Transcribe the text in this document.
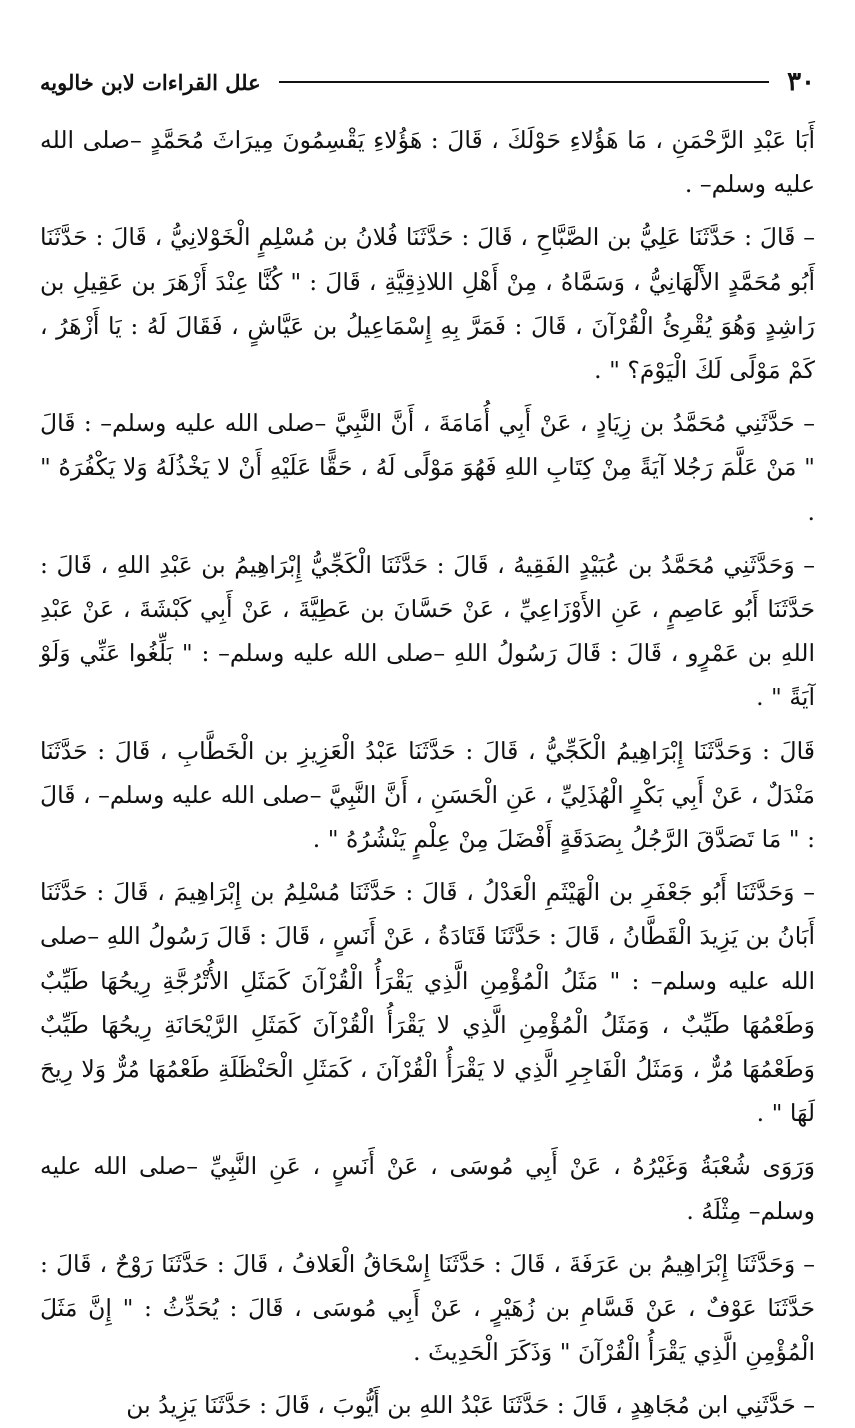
علل القراءات لابن خالويه	٣٠

أَبَا عَبْدِ الرَّحْمَنِ ، مَا هَؤُلاءِ حَوْلَكَ ، قَالَ : هَؤُلاءِ يَقْسِمُونَ مِيرَاثَ مُحَمَّدٍ –صلى الله عليه وسلم– .

– قَالَ : حَدَّثَنَا عَلِيُّ بن الصَّبَّاحِ ، قَالَ : حَدَّثَنَا فُلانُ بن مُسْلِمٍ الْخَوْلانِيُّ ، قَالَ : حَدَّثَنَا أَبُو مُحَمَّدٍ الأَلْهَانِيُّ ، وَسَمَّاهُ ، مِنْ أَهْلِ اللاذِقِيَّةِ ، قَالَ : " كُنَّا عِنْدَ أَزْهَرَ بن عَقِيلِ بن رَاشِدٍ وَهُوَ يُقْرِئُ الْقُرْآنَ ، قَالَ : فَمَرَّ بِهِ إِسْمَاعِيلُ بن عَيَّاشٍ ، فَقَالَ لَهُ : يَا أَزْهَرُ ، كَمْ مَوْلًى لَكَ الْيَوْمَ؟ " .

– حَدَّثَنِي مُحَمَّدُ بن زِيَادٍ ، عَنْ أَبِي أُمَامَةَ ، أَنَّ النَّبِيَّ –صلى الله عليه وسلم– : قَالَ " مَنْ عَلَّمَ رَجُلا آيَةً مِنْ كِتَابِ اللهِ فَهُوَ مَوْلًى لَهُ ، حَقًّا عَلَيْهِ أَنْ لا يَخْذُلَهُ وَلا يَكْفُرَهُ " .

– وَحَدَّثَنِي مُحَمَّدُ بن عُبَيْدٍ الفَقِيهُ ، قَالَ : حَدَّثَنَا الْكَجِّيُّ إِبْرَاهِيمُ بن عَبْدِ اللهِ ، قَالَ : حَدَّثَنَا أَبُو عَاصِمٍ ، عَنِ الأَوْزَاعِيِّ ، عَنْ حَسَّانَ بن عَطِيَّةَ ، عَنْ أَبِي كَبْشَةَ ، عَنْ عَبْدِ اللهِ بن عَمْرٍو ، قَالَ : قَالَ رَسُولُ اللهِ –صلى الله عليه وسلم– : " بَلِّغُوا عَنِّي وَلَوْ آيَةً " .

قَالَ : وَحَدَّثَنَا إِبْرَاهِيمُ الْكَجِّيُّ ، قَالَ : حَدَّثَنَا عَبْدُ الْعَزِيزِ بن الْخَطَّابِ ، قَالَ : حَدَّثَنَا مَنْدَلٌ ، عَنْ أَبِي بَكْرٍ الْهُذَلِيِّ ، عَنِ الْحَسَنِ ، أَنَّ النَّبِيَّ –صلى الله عليه وسلم– ، قَالَ : " مَا تَصَدَّقَ الرَّجُلُ بِصَدَقَةٍ أَفْضَلَ مِنْ عِلْمٍ يَنْشُرُهُ " .

– وَحَدَّثَنَا أَبُو جَعْفَرِ بن الْهَيْثَمِ الْعَدْلُ ، قَالَ : حَدَّثَنَا مُسْلِمُ بن إِبْرَاهِيمَ ، قَالَ : حَدَّثَنَا أَبَانُ بن يَزِيدَ الْقَطَّانُ ، قَالَ : حَدَّثَنَا قَتَادَةُ ، عَنْ أَنَسٍ ، قَالَ : قَالَ رَسُولُ اللهِ –صلى الله عليه وسلم– : " مَثَلُ الْمُؤْمِنِ الَّذِي يَقْرَأُ الْقُرْآنَ كَمَثَلِ الأُتْرُجَّةِ رِيحُهَا طَيِّبٌ وَطَعْمُهَا طَيِّبٌ ، وَمَثَلُ الْمُؤْمِنِ الَّذِي لا يَقْرَأُ الْقُرْآنَ كَمَثَلِ الرَّيْحَانَةِ رِيحُهَا طَيِّبٌ وَطَعْمُهَا مُرٌّ ، وَمَثَلُ الْفَاجِرِ الَّذِي لا يَقْرَأُ الْقُرْآنَ ، كَمَثَلِ الْحَنْظَلَةِ طَعْمُهَا مُرٌّ وَلا رِيحَ لَهَا " .

وَرَوَى شُعْبَةُ وَغَيْرُهُ ، عَنْ أَبِي مُوسَى ، عَنْ أَنَسٍ ، عَنِ النَّبِيِّ –صلى الله عليه وسلم– مِثْلَهُ .

– وَحَدَّثَنَا إِبْرَاهِيمُ بن عَرَفَةَ ، قَالَ : حَدَّثَنَا إِسْحَاقُ الْعَلافُ ، قَالَ : حَدَّثَنَا رَوْحٌ ، قَالَ : حَدَّثَنَا عَوْفٌ ، عَنْ قَسَّامِ بن زُهَيْرٍ ، عَنْ أَبِي مُوسَى ، قَالَ : يُحَدِّثُ : " إِنَّ مَثَلَ الْمُؤْمِنِ الَّذِي يَقْرَأُ الْقُرْآنَ " وَذَكَرَ الْحَدِيثَ .

– حَدَّثَنِي ابن مُجَاهِدٍ ، قَالَ : حَدَّثَنَا عَبْدُ اللهِ بن أَيُّوبَ ، قَالَ : حَدَّثَنَا يَزِيدُ بن
